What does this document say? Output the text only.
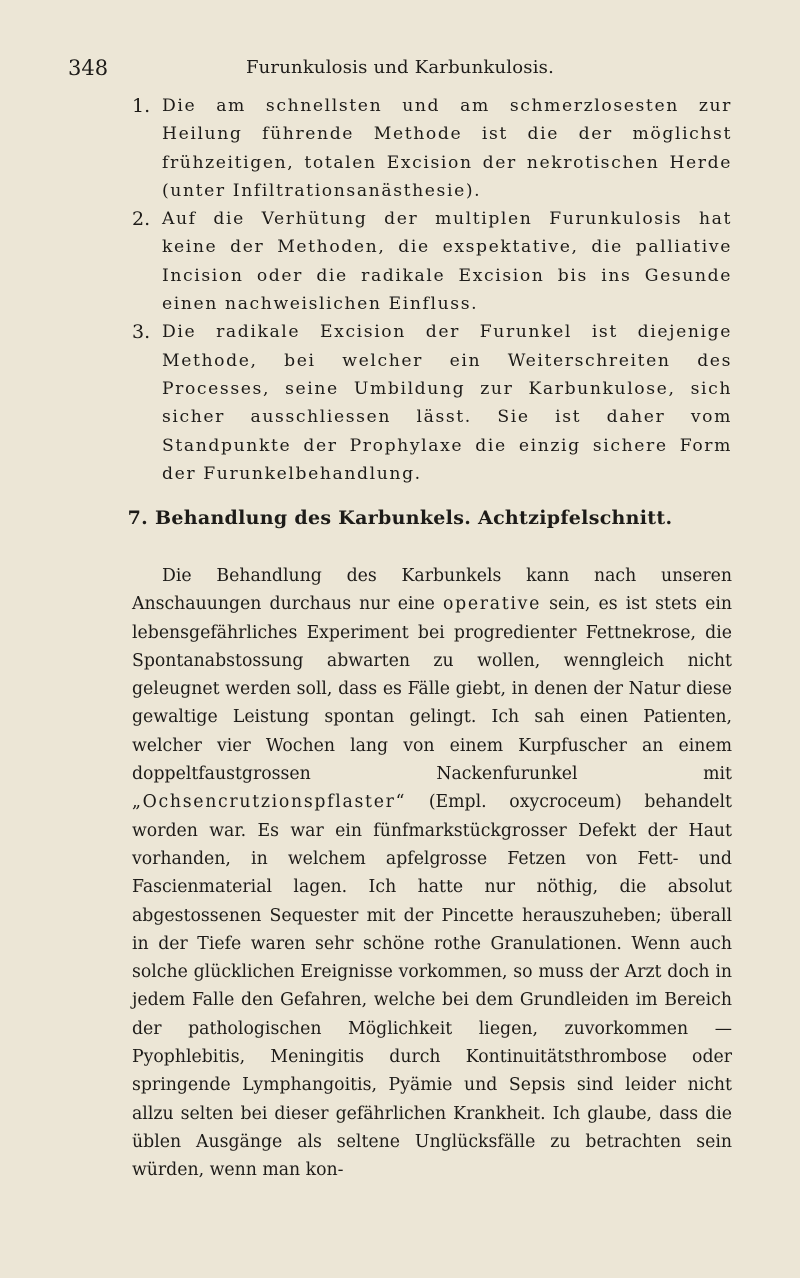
348	Furunkulosis und Karbunkulosis.
1. Die am schnellsten und am schmerzlosesten zur Heilung führende Methode ist die der möglichst frühzeitigen, totalen Excision der nekrotischen Herde (unter Infiltrationsanästhesie).

2. Auf die Verhütung der multiplen Furunkulosis hat keine der Methoden, die exspektative, die palliative Incision oder die radikale Excision bis ins Gesunde einen nachweislichen Einfluss.

3. Die radikale Excision der Furunkel ist diejenige Methode, bei welcher ein Weiterschreiten des Processes, seine Umbildung zur Karbunkulose, sich sicher ausschliessen lässt. Sie ist daher vom Standpunkte der Prophylaxe die einzig sichere Form der Furunkelbehandlung.

7. Behandlung des Karbunkels. Achtzipfelschnitt.

Die Behandlung des Karbunkels kann nach unseren Anschauungen durchaus nur eine operative sein, es ist stets ein lebensgefährliches Experiment bei progredienter Fettnekrose, die Spontanabstossung abwarten zu wollen, wenngleich nicht geleugnet werden soll, dass es Fälle giebt, in denen der Natur diese gewaltige Leistung spontan gelingt. Ich sah einen Patienten, welcher vier Wochen lang von einem Kurpfuscher an einem doppeltfaustgrossen Nackenfurunkel mit „Ochsencrutzionspflaster“ (Empl. oxycroceum) behandelt worden war. Es war ein fünfmarkstückgrosser Defekt der Haut vorhanden, in welchem apfelgrosse Fetzen von Fett- und Fascienmaterial lagen. Ich hatte nur nöthig, die absolut abgestossenen Sequester mit der Pincette herauszuheben; überall in der Tiefe waren sehr schöne rothe Granulationen. Wenn auch solche glücklichen Ereignisse vorkommen, so muss der Arzt doch in jedem Falle den Gefahren, welche bei dem Grundleiden im Bereich der pathologischen Möglichkeit liegen, zuvorkommen — Pyophlebitis, Meningitis durch Kontinuitätsthrombose oder springende Lymphangoitis, Pyämie und Sepsis sind leider nicht allzu selten bei dieser gefährlichen Krankheit. Ich glaube, dass die üblen Ausgänge als seltene Unglücksfälle zu betrachten sein würden, wenn man kon-
